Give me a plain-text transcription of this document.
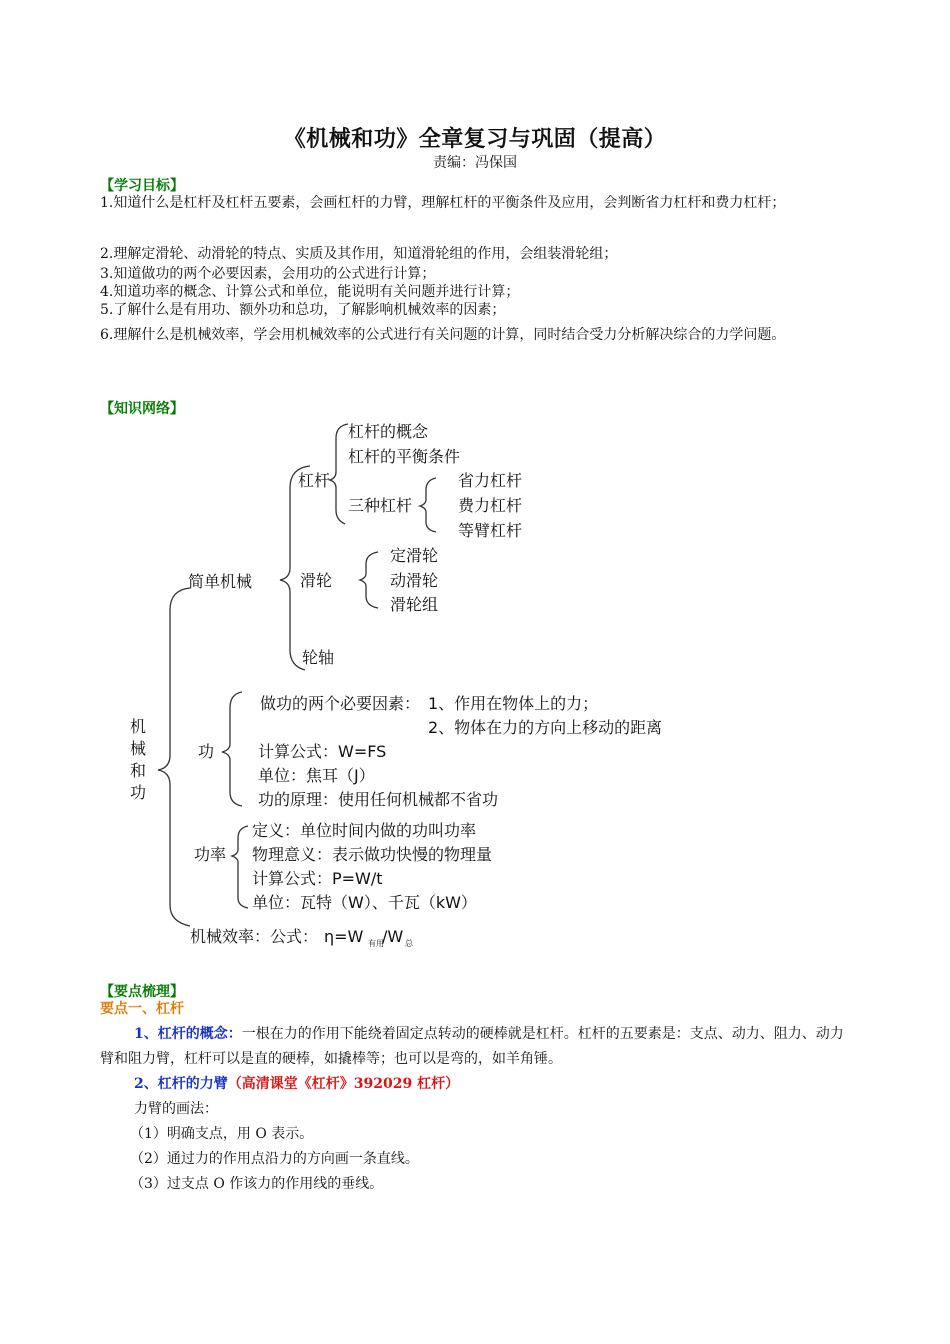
《机械和功》全章复习与巩固（提高）
责编：冯保国
【学习目标】
1.知道什么是杠杆及杠杆五要素，会画杠杆的力臂，理解杠杆的平衡条件及应用，会判断省力杠杆和费力杠杆；
2.理解定滑轮、动滑轮的特点、实质及其作用，知道滑轮组的作用，会组装滑轮组；
3.知道做功的两个必要因素，会用功的公式进行计算；
4.知道功率的概念、计算公式和单位，能说明有关问题并进行计算；
5.了解什么是有用功、额外功和总功，了解影响机械效率的因素；
6.理解什么是机械效率，学会用机械效率的公式进行有关问题的计算，同时结合受力分析解决综合的力学问题。
【知识网络】
机
械
和
功
简单机械
杠杆
杠杆的概念
杠杆的平衡条件
三种杠杆
省力杠杆
费力杠杆
等臂杠杆
滑轮
定滑轮
动滑轮
滑轮组
轮轴
功
做功的两个必要因素： 1、作用在物体上的力；
2、物体在力的方向上移动的距离
计算公式：W=FS
单位：焦耳（J）
功的原理：使用任何机械都不省功
功率
定义：单位时间内做的功叫功率
物理意义：表示做功快慢的物理量
计算公式：P=W/t
单位：瓦特（W）、千瓦（kW）
机械效率：公式： η=W 有用
/W 总
【要点梳理】
要点一、杠杆
1、杠杆的概念：一根在力的作用下能绕着固定点转动的硬棒就是杠杆。杠杆的五要素是：支点、动力、阻力、动力臂和阻力臂，杠杆可以是直的硬棒，如撬棒等；也可以是弯的，如羊角锤。
2、杠杆的力臂（高清课堂《杠杆》392029 杠杆）
力臂的画法：
（1）明确支点，用 O 表示。
（2）通过力的作用点沿力的方向画一条直线。
（3）过支点 O 作该力的作用线的垂线。
